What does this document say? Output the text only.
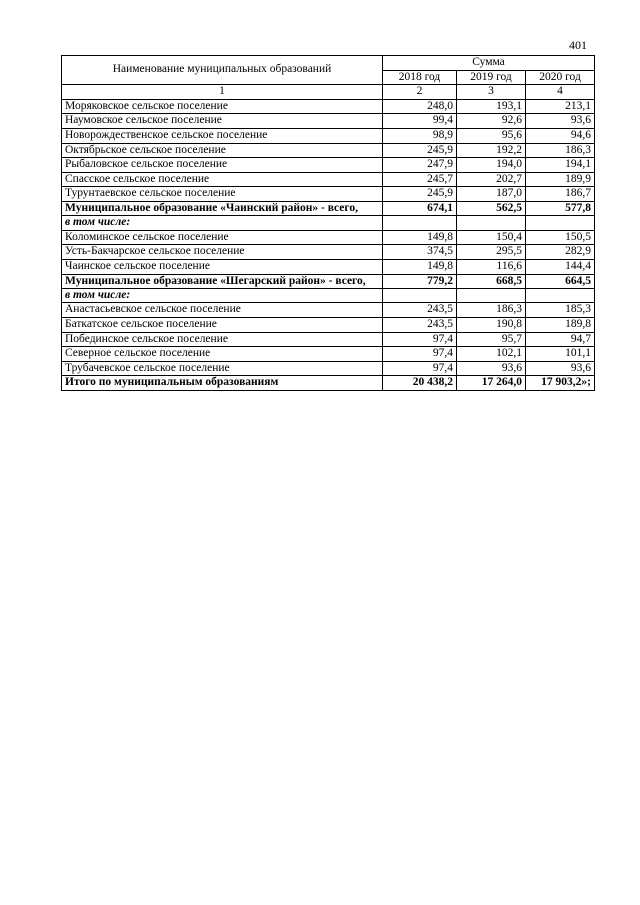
401
Наименование муниципальных образований	Сумма		
	2018 год	2019 год	2020 год
1	2	3	4
Моряковское сельское поселение	248,0	193,1	213,1
Наумовское сельское поселение	99,4	92,6	93,6
Новорождественское сельское поселение	98,9	95,6	94,6
Октябрьское сельское поселение	245,9	192,2	186,3
Рыбаловское сельское поселение	247,9	194,0	194,1
Спасское сельское поселение	245,7	202,7	189,9
Турунтаевское сельское поселение	245,9	187,0	186,7
Муниципальное образование «Чаинский район» - всего,	674,1	562,5	577,8
в том числе:			
Коломинское сельское поселение	149,8	150,4	150,5
Усть-Бакчарское сельское поселение	374,5	295,5	282,9
Чаинское сельское поселение	149,8	116,6	144,4
Муниципальное образование «Шегарский район» - всего,	779,2	668,5	664,5
в том числе:			
Анастасьевское сельское поселение	243,5	186,3	185,3
Баткатское сельское поселение	243,5	190,8	189,8
Побединское сельское поселение	97,4	95,7	94,7
Северное сельское поселение	97,4	102,1	101,1
Трубачевское сельское поселение	97,4	93,6	93,6
Итого по муниципальным образованиям	20 438,2	17 264,0	17 903,2»;
